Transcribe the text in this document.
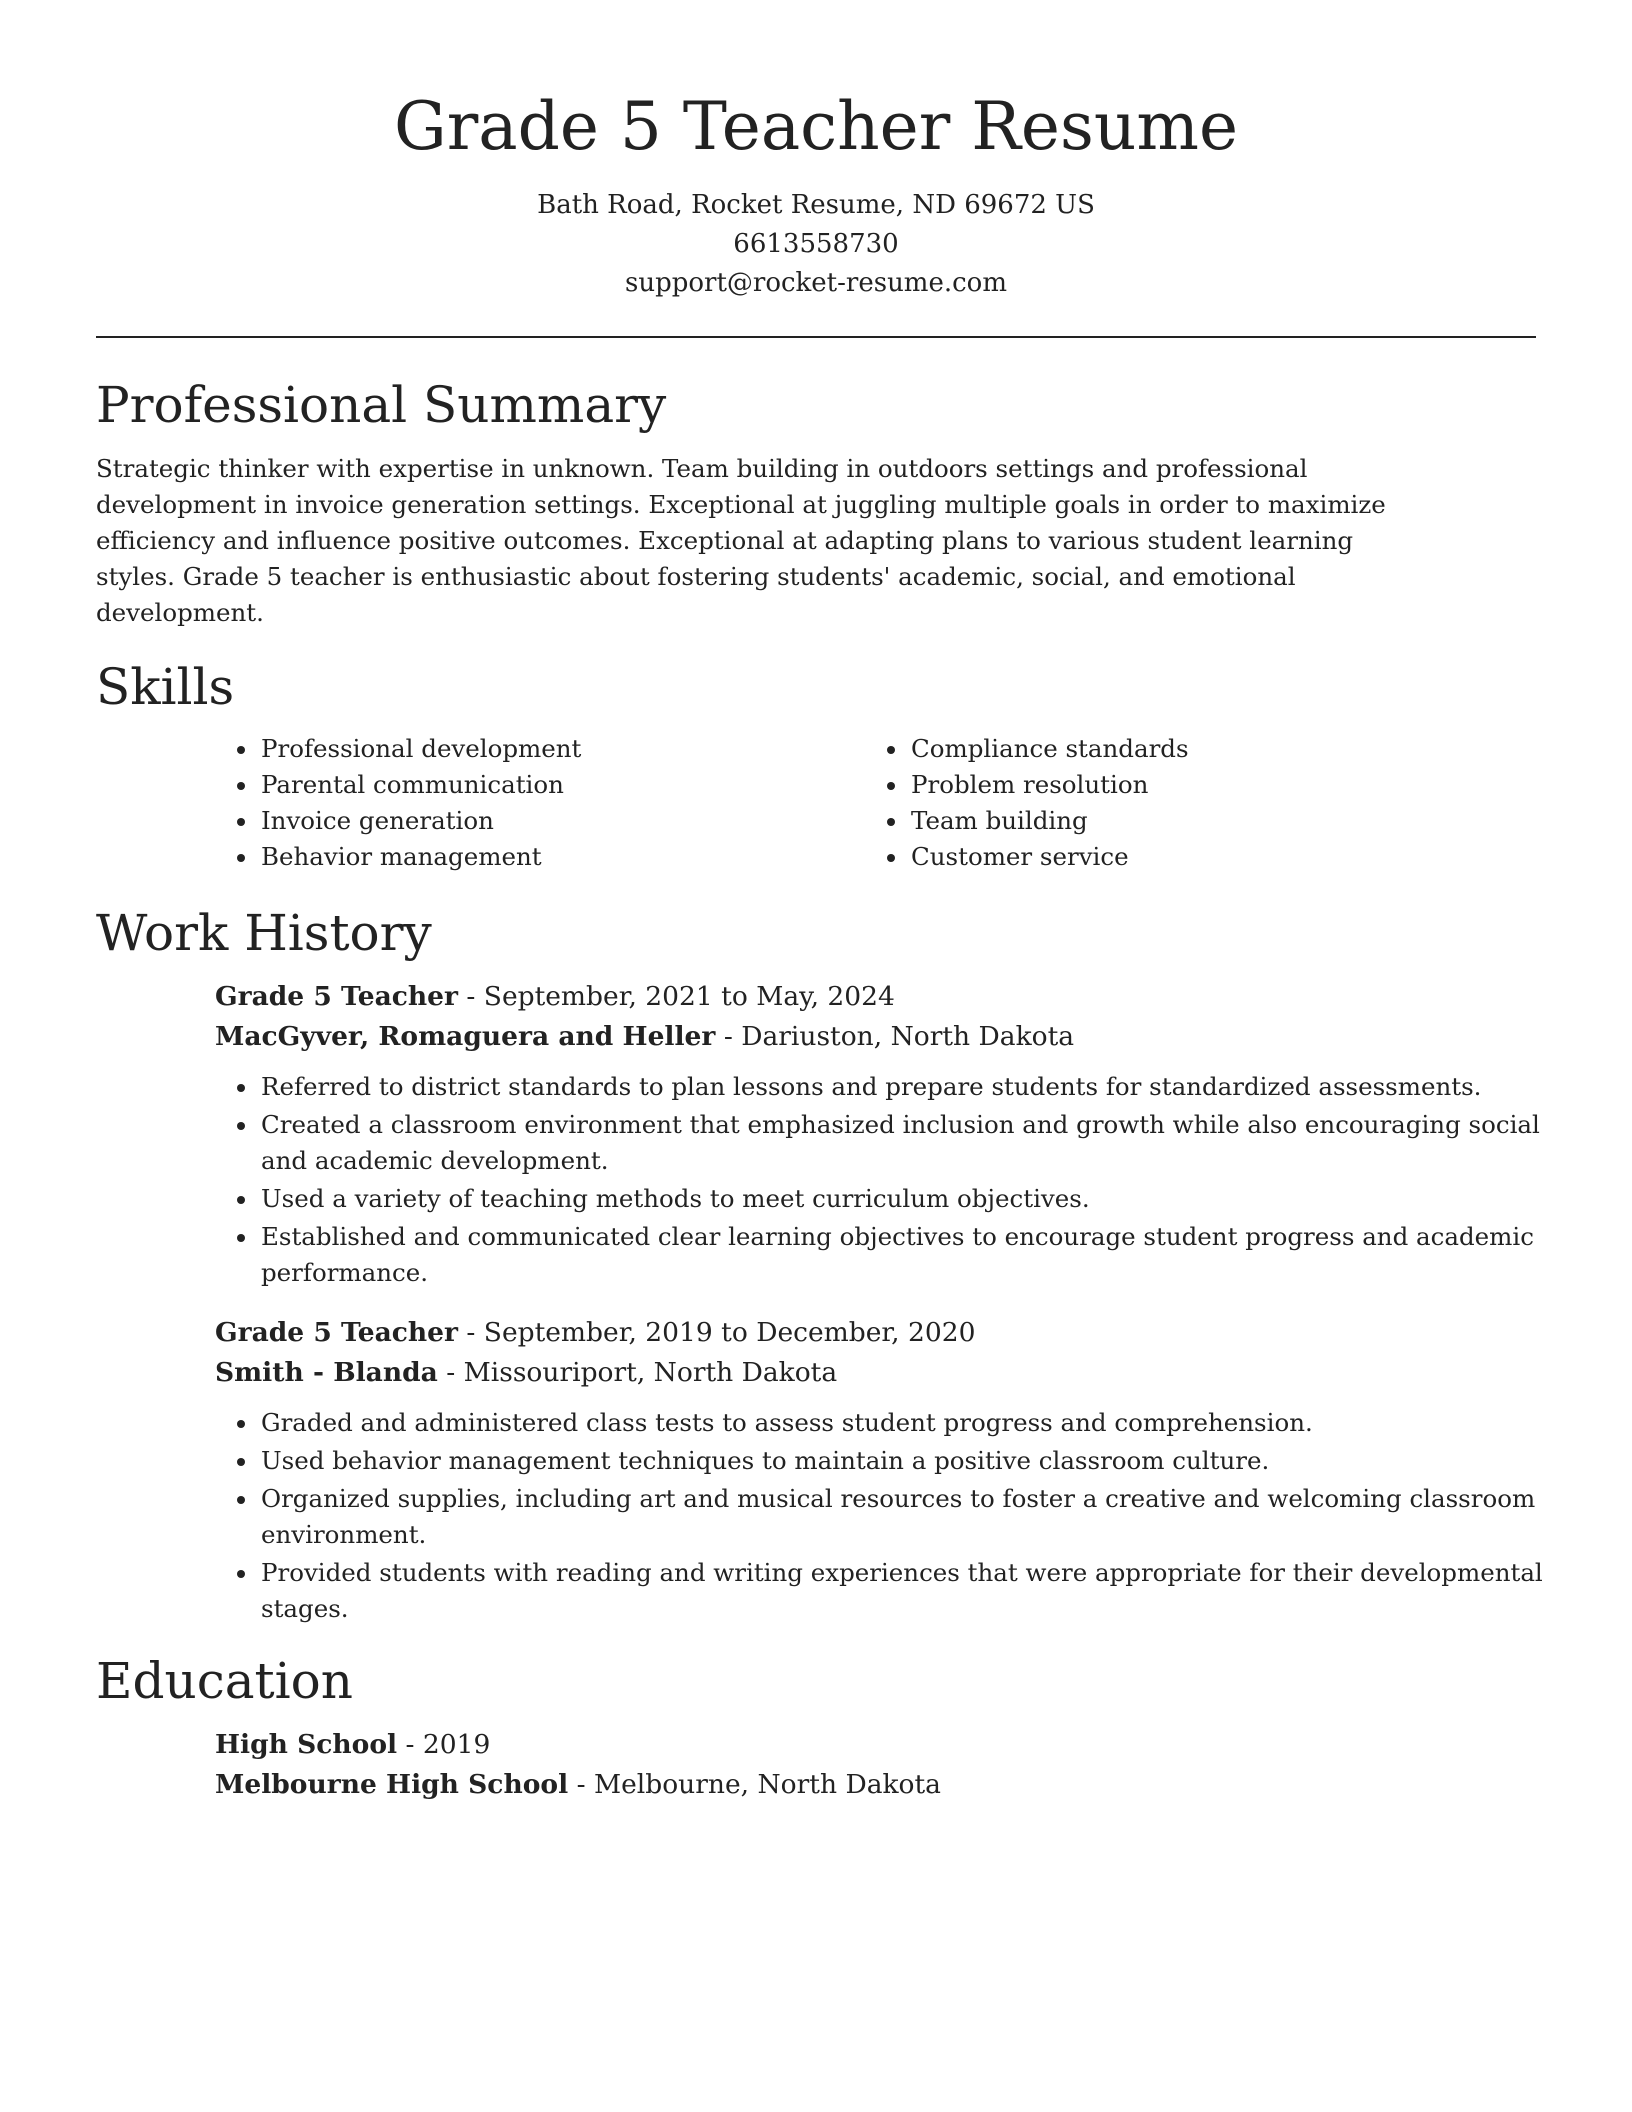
Grade 5 Teacher Resume
Bath Road, Rocket Resume, ND 69672 US
6613558730
support@rocket-resume.com
Professional Summary

Strategic thinker with expertise in unknown. Team building in outdoors settings and professional development in invoice generation settings. Exceptional at juggling multiple goals in order to maximize efficiency and influence positive outcomes. Exceptional at adapting plans to various student learning styles. Grade 5 teacher is enthusiastic about fostering students' academic, social, and emotional development.

Skills
• Professional development
• Parental communication
• Invoice generation
• Behavior management
• Compliance standards
• Problem resolution
• Team building
• Customer service
Work History

Grade 5 Teacher - September, 2021 to May, 2024

MacGyver, Romaguera and Heller - Dariuston, North Dakota

• Referred to district standards to plan lessons and prepare students for standardized assessments.
• Created a classroom environment that emphasized inclusion and growth while also encouraging social and academic development.
• Used a variety of teaching methods to meet curriculum objectives.
• Established and communicated clear learning objectives to encourage student progress and academic performance.

Grade 5 Teacher - September, 2019 to December, 2020

Smith - Blanda - Missouriport, North Dakota

• Graded and administered class tests to assess student progress and comprehension.
• Used behavior management techniques to maintain a positive classroom culture.
• Organized supplies, including art and musical resources to foster a creative and welcoming classroom environment.
• Provided students with reading and writing experiences that were appropriate for their developmental stages.
Education

High School - 2019

Melbourne High School - Melbourne, North Dakota
